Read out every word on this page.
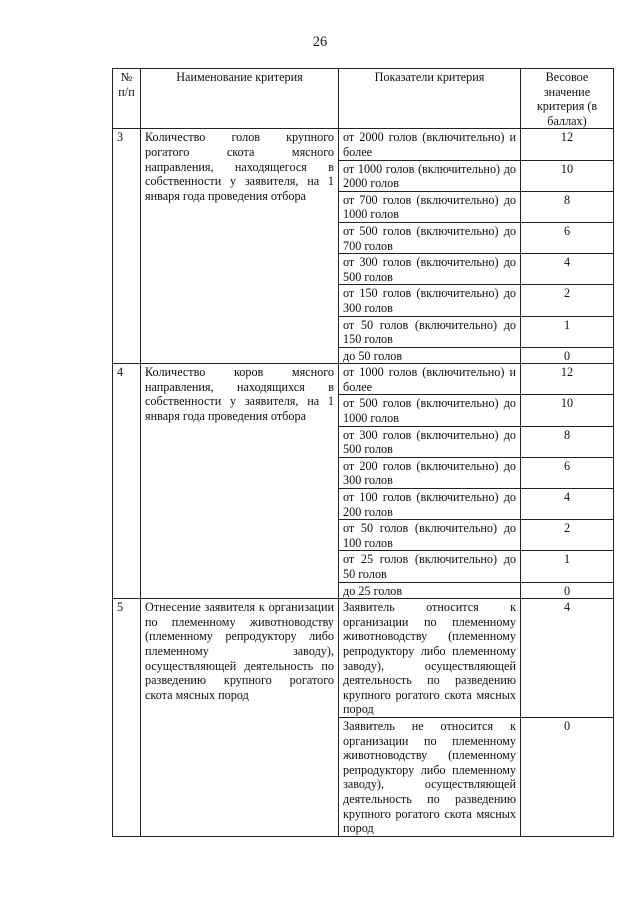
26
№ п/п	Наименование критерия	Показатели критерия	Весовое значение критерия (в баллах)
3	Количество голов крупного рогатого скота мясного направления, находящегося в собственности у заявителя, на 1 января года проведения отбора	от 2000 голов (включительно) и более	12
		от 1000 голов (включительно) до 2000 голов	10
		от 700 голов (включительно) до 1000 голов	8
		от 500 голов (включительно) до 700 голов	6
		от 300 голов (включительно) до 500 голов	4
		от 150 голов (включительно) до 300 голов	2
		от 50 голов (включительно) до 150 голов	1
		до 50 голов	0
4	Количество коров мясного направления, находящихся в собственности у заявителя, на 1 января года проведения отбора	от 1000 голов (включительно) и более	12
		от 500 голов (включительно) до 1000 голов	10
		от 300 голов (включительно) до 500 голов	8
		от 200 голов (включительно) до 300 голов	6
		от 100 голов (включительно) до 200 голов	4
		от 50 голов (включительно) до 100 голов	2
		от 25 голов (включительно) до 50 голов	1
		до 25 голов	0
5	Отнесение заявителя к организации по племенному животноводству (племенному репродуктору либо племенному заводу), осуществляющей деятельность по разведению крупного рогатого скота мясных пород	Заявитель относится к организации по племенному животноводству (племенному репродуктору либо племенному заводу), осуществляющей деятельность по разведению крупного рогатого скота мясных пород	4
		Заявитель не относится к организации по племенному животноводству (племенному репродуктору либо племенному заводу), осуществляющей деятельность по разведению крупного рогатого скота мясных пород	0
